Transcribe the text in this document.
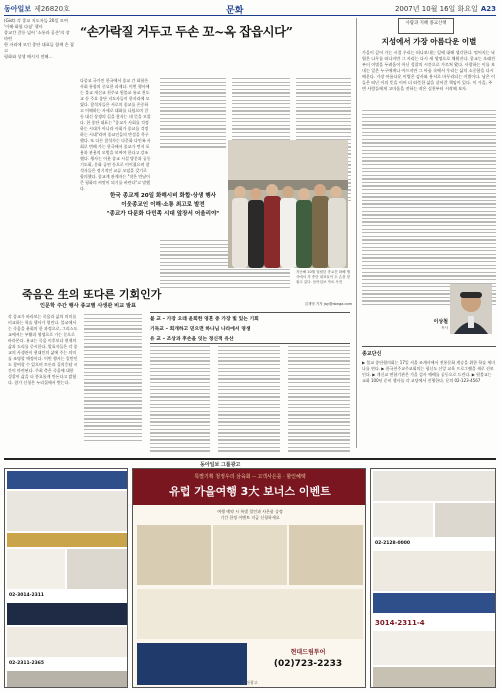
동아일보 제26820호	문화	2007년 10월 16일 화요일 A23
(Gist) 각 종교 지도자들 20일 모여 '이해·화합 다짐' 행사
종교간 갈등 넘어 '소통과 공존'의 장 마련
한 자리에 모인 종단 대표들 함께 손 잡고
평화와 상생 메시지 전해…
“손가락질 거두고 두손 꼬~옥 잡읍시다”
다종교 국가인 한국에서 종교 간 화합은 사회 통합의 중요한 과제다. 이번 행사에는 불교 개신교 천주교 원불교 유교 천도교 등 주요 종단 지도자들이 한자리에 모였다. 참석자들은 서로의 종교를 존중하고 이해하는 자세로 대화를 나눴으며 갈등 대신 상생의 길을 찾자는 데 뜻을 모았다. 한 종단 대표는 "종교가 사회를 걱정하는 시대가 아니라 사회가 종교를 걱정하는 시대"라며 종교인들의 반성을 촉구했다. 또 다른 참석자는 다문화 다민족 사회로 변해 가는 한국에서 종교가 먼저 포용과 관용의 모범을 보여야 한다고 강조했다. 행사는 이웃 종교 시설 방문과 공동 기도회, 문화 공연 등으로 이어졌으며 참석자들은 정기적인 교류 모임을 갖기로 합의했다. 종교계 관계자는 "작은 만남이 큰 평화의 씨앗이 되기를 바란다"고 말했다.
한국 종교계 20일 화해시비 화합·상생 행사
이웃종교인 이해·소통 최고로 발전
"종교가 다문화 다민족 시대 앞장서 어울리야"
지난해 10월 열렸던 종교간 화해 행사에서 각 종단 대표들이 두 손을 맞잡고 있다. 동아일보 자료 사진
김재영 기자 jay@donga.com
죽음은 生의 또다른 기회인가
인문학 주간 행사 종교별 사생관 비교 발표
각 종교가 바라보는 죽음과 삶의 의미를 비교하는 학술 행사가 열린다. 불교에서는 죽음을 윤회의 한 과정으로, 그리스도교에서는 부활과 영생으로 가는 문으로 바라본다. 유교는 죽음 이후보다 현재의 삶과 도리를 중시한다. 발표자들은 각 종교의 사생관이 현대인의 삶에 주는 의미를 조명할 예정이다. 이번 행사는 일반인도 참여할 수 있으며 토론과 질의응답 시간이 마련된다. 주최 측은 죽음에 대한 성찰이 삶을 더 풍요롭게 만든다고 밝혔다. 참가 신청은 누리집에서 받는다.
불 교 – 가장 오래 윤회한 영혼 중 가장 빛 있는 기회
기독교 – 회개하고 믿으면 하나님 나라에서 영생
유 교 – 조상과 후손을 잇는 정신적 유산
사람과 지혜 종교산책
지성에서 가장 아름다운 이별
가을이 깊어 가는 시절 우리는 떠나보내는 일에 대해 생각한다. 떨어지는 낙엽은 나무를 떠나지만 그 자리는 다시 새 생명으로 채워진다. 종교는 오래전부터 이별을 두려움이 아닌 성찰의 시간으로 가르쳐 왔다. 사랑하는 이를 보내는 일은 누구에게나 아프지만 그 아픔 속에서 우리는 삶의 소중함을 다시 배운다. 가장 아름다운 이별은 감사와 용서로 마무리되는 이별이다. 남은 이들은 떠난 이의 뜻을 이어 더 따뜻한 삶을 살아갈 책임이 있다. 이 가을, 주변 사람들에게 고마움을 전하는 작은 실천부터 시작해 보자.
이상철
목사
종교단신
▶ 불교 종단협의회는 17일 서울 조계사에서 전통문화 계승을 위한 학술 세미나를 연다. ▶ 한국천주교주교회의는 평신도 신앙 교육 프로그램을 새로 선보인다. ▶ 개신교 연합기관은 가을 감사 예배를 공동으로 드린다. ▶ 원불교는 교화 100년 준비 행사를 각 교당에서 진행한다. 문의 02-123-4567
동아일보 그룹광고
02-3014-2311
02-2311-2365
특별기획 청정우리 삼육회 -- 고객사은를 · 할인혜택
유럽 가을여행 3大 보너스 이벤트
여행 예약 시 특별 할인과 사은품 증정
기간 한정 이벤트 지금 신청하세요
현대드림투어
(02)723-2233
02-2128-0000
3014-2311-4
동아광고
